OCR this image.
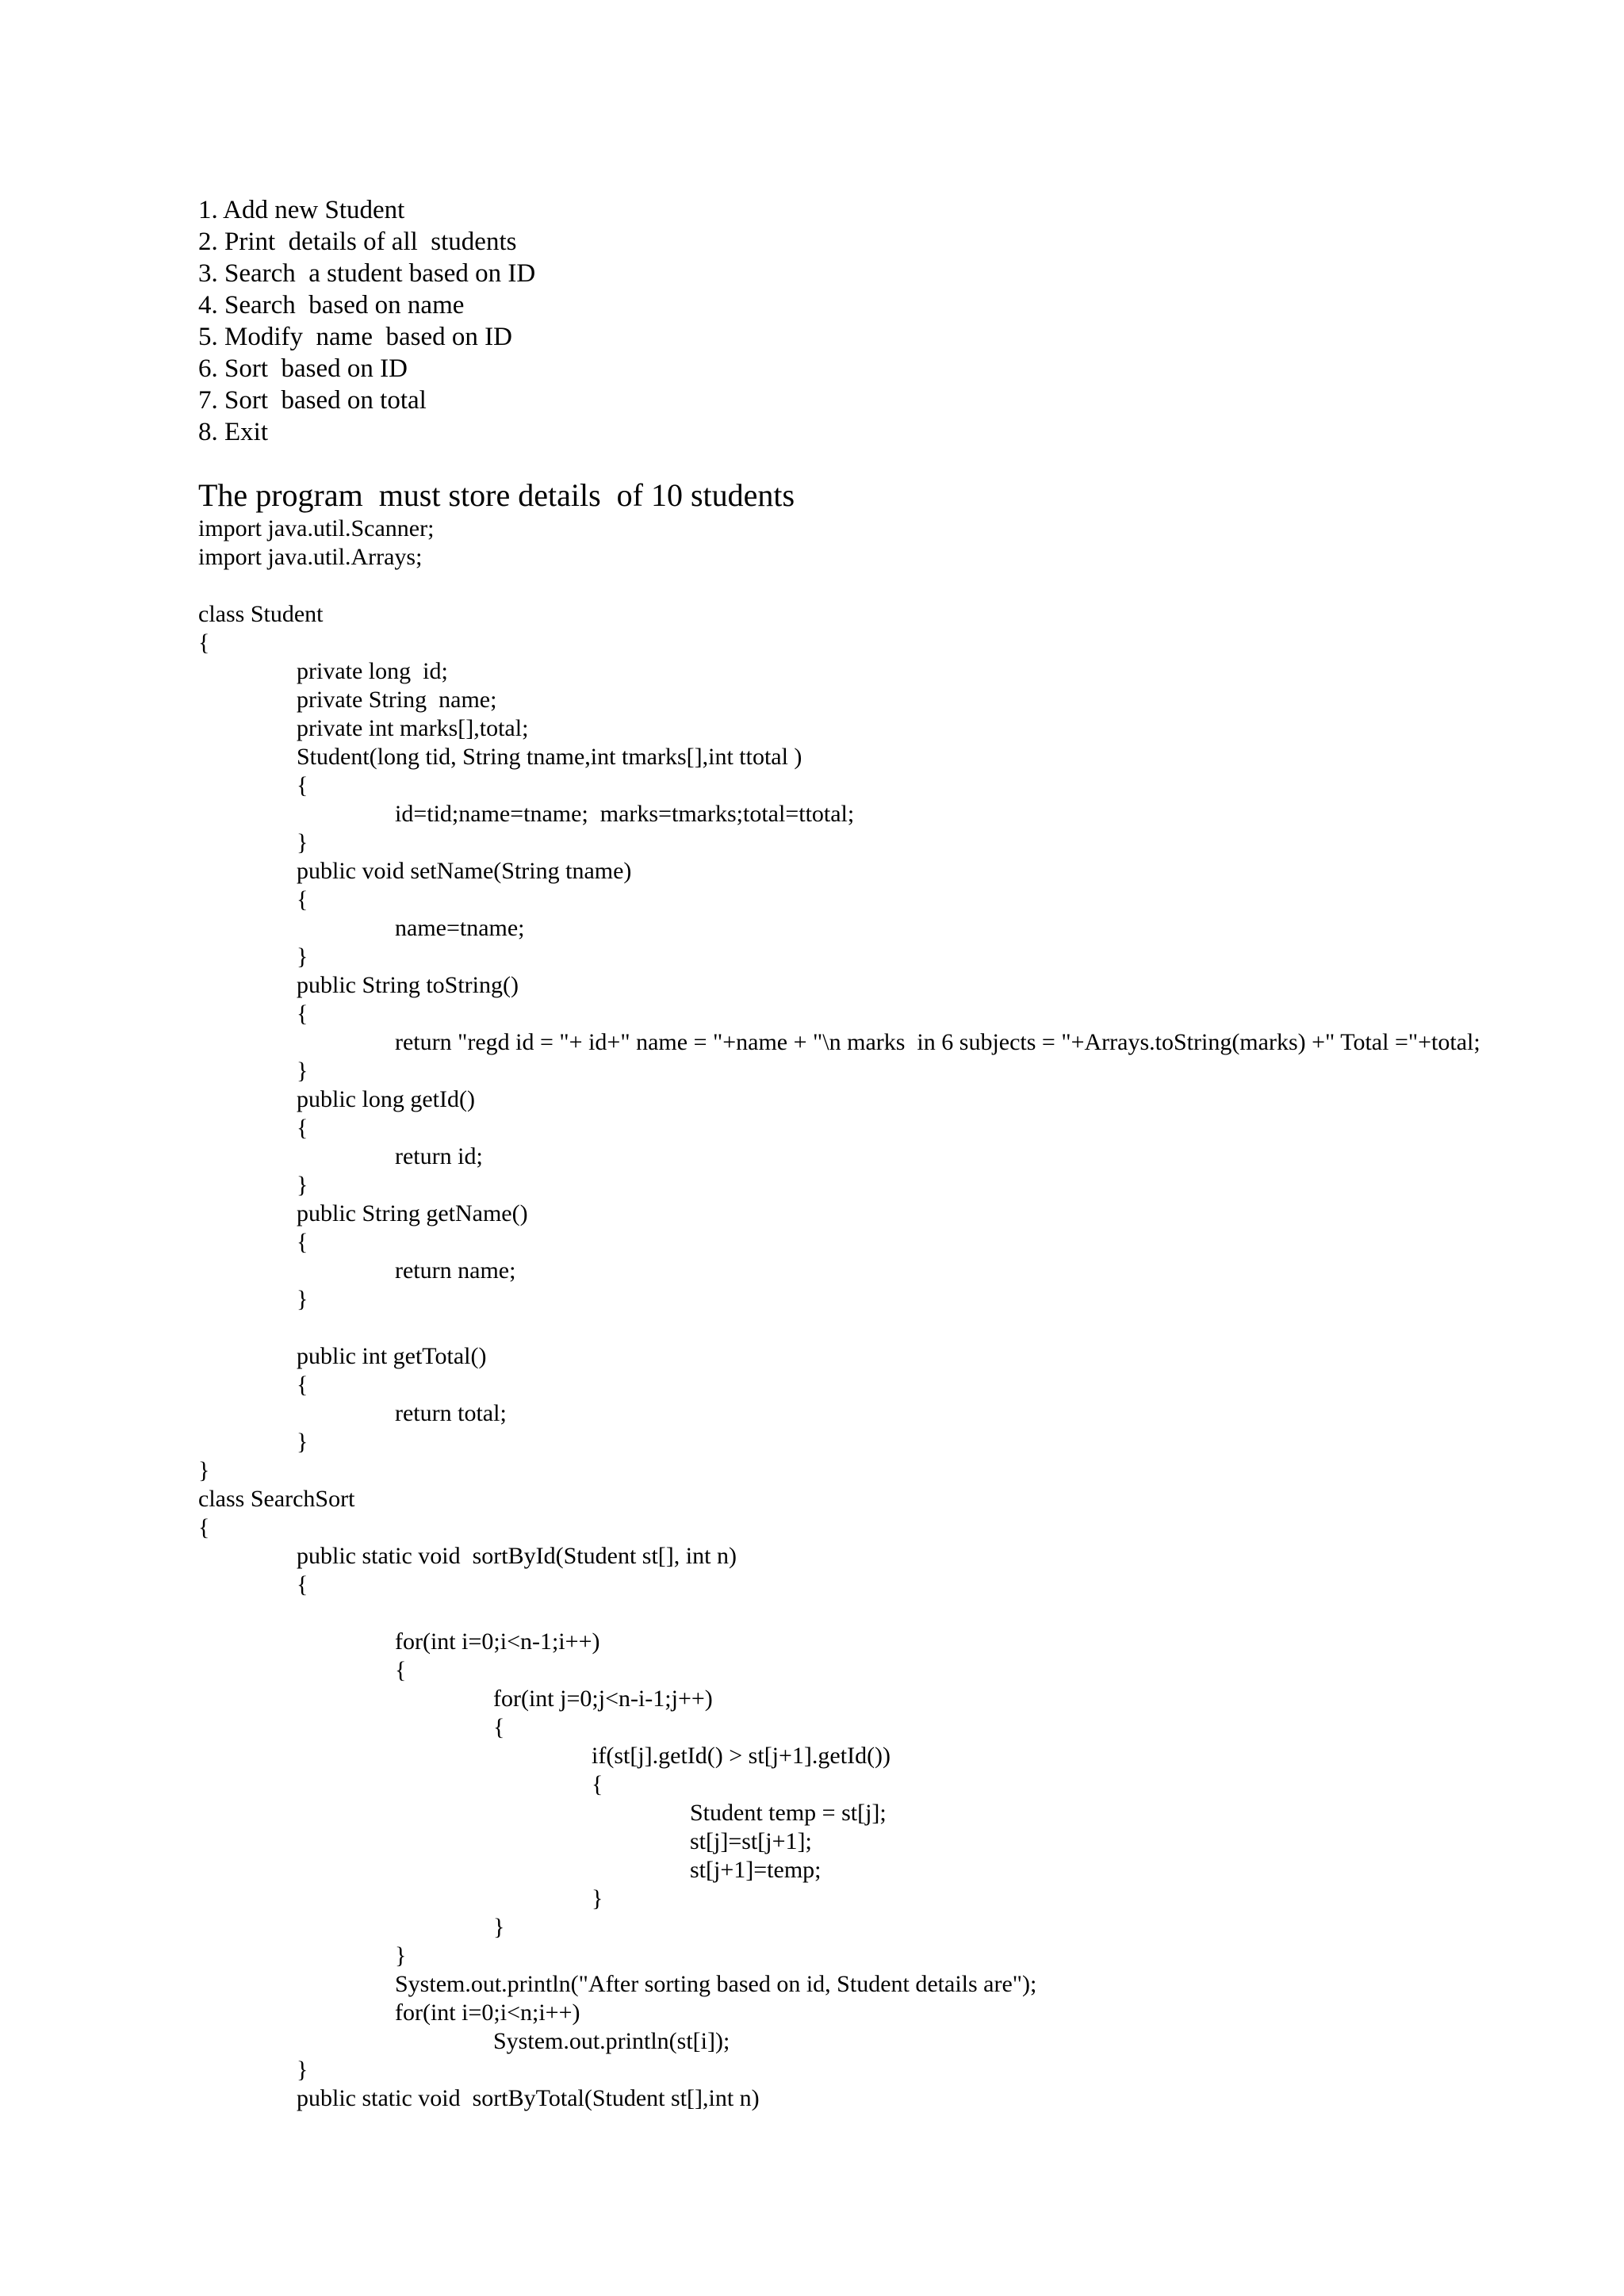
1. Add new Student
2. Print  details of all  students
3. Search  a student based on ID
4. Search  based on name
5. Modify  name  based on ID
6. Sort  based on ID
7. Sort  based on total
8. Exit
The program  must store details  of 10 students
import java.util.Scanner;
import java.util.Arrays;
class Student
{
private long  id;
private String  name;
private int marks[],total;
Student(long tid, String tname,int tmarks[],int ttotal )
{
id=tid;name=tname;  marks=tmarks;total=ttotal;
}
public void setName(String tname)
{
name=tname;
}
public String toString()
{
return "regd id = "+ id+" name = "+name + "\n marks  in 6 subjects = "+Arrays.toString(marks) +" Total ="+total;
}
public long getId()
{
return id;
}
public String getName()
{
return name;
}
public int getTotal()
{
return total;
}
}
class SearchSort
{
public static void  sortById(Student st[], int n)
{
for(int i=0;i<n-1;i++)
{
for(int j=0;j<n-i-1;j++)
{
if(st[j].getId() > st[j+1].getId())
{
Student temp = st[j];
st[j]=st[j+1];
st[j+1]=temp;
}
}
}
System.out.println("After sorting based on id, Student details are");
for(int i=0;i<n;i++)
System.out.println(st[i]);
}
public static void  sortByTotal(Student st[],int n)
